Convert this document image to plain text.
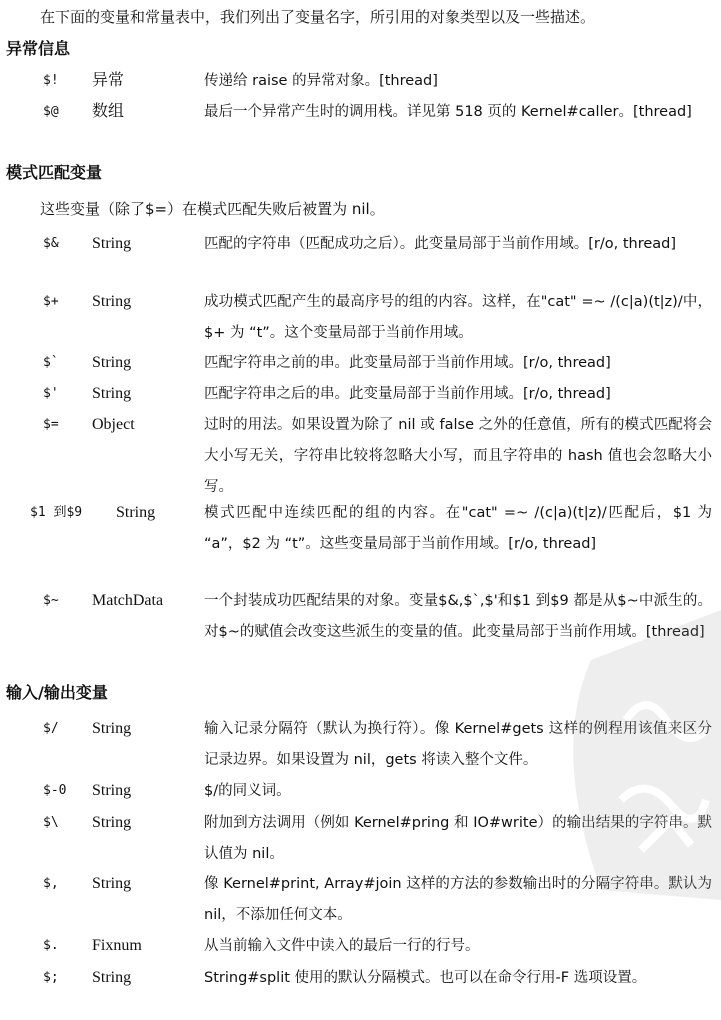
在下面的变量和常量表中，我们列出了变量名字，所引用的对象类型以及一些描述。
异常信息
$! 异常	传递给 raise 的异常对象。[thread]
$@ 数组	最后一个异常产生时的调用栈。详见第 518 页的 Kernel#caller。[thread]
模式匹配变量
这些变量（除了$=）在模式匹配失败后被置为 nil。
$& String	匹配的字符串（匹配成功之后）。此变量局部于当前作用域。[r/o, thread]
$+ String	成功模式匹配产生的最高序号的组的内容。这样，在"cat" =~ /(c|a)(t|z)/中，$+ 为 “t”。这个变量局部于当前作用域。
$` String	匹配字符串之前的串。此变量局部于当前作用域。[r/o, thread]
$' String	匹配字符串之后的串。此变量局部于当前作用域。[r/o, thread]
$= Object	过时的用法。如果设置为除了 nil 或 false 之外的任意值，所有的模式匹配将会大小写无关，字符串比较将忽略大小写，而且字符串的 hash 值也会忽略大小写。
$1 到$9 String	模式匹配中连续匹配的组的内容。在"cat" =~ /(c|a)(t|z)/匹配后，$1 为 “a”，$2 为 “t”。这些变量局部于当前作用域。[r/o, thread]
$~ MatchData	一个封装成功匹配结果的对象。变量$&,$`,$'和$1 到$9 都是从$~中派生的。对$~的赋值会改变这些派生的变量的值。此变量局部于当前作用域。[thread]
输入/输出变量
$/ String	输入记录分隔符（默认为换行符）。像 Kernel#gets 这样的例程用该值来区分记录边界。如果设置为 nil，gets 将读入整个文件。
$-0 String	$/的同义词。
$\ String	附加到方法调用（例如 Kernel#pring 和 IO#write）的输出结果的字符串。默认值为 nil。
$, String	像 Kernel#print, Array#join 这样的方法的参数输出时的分隔字符串。默认为 nil，不添加任何文本。
$. Fixnum	从当前输入文件中读入的最后一行的行号。
$; String	String#split 使用的默认分隔模式。也可以在命令行用-F 选项设置。
